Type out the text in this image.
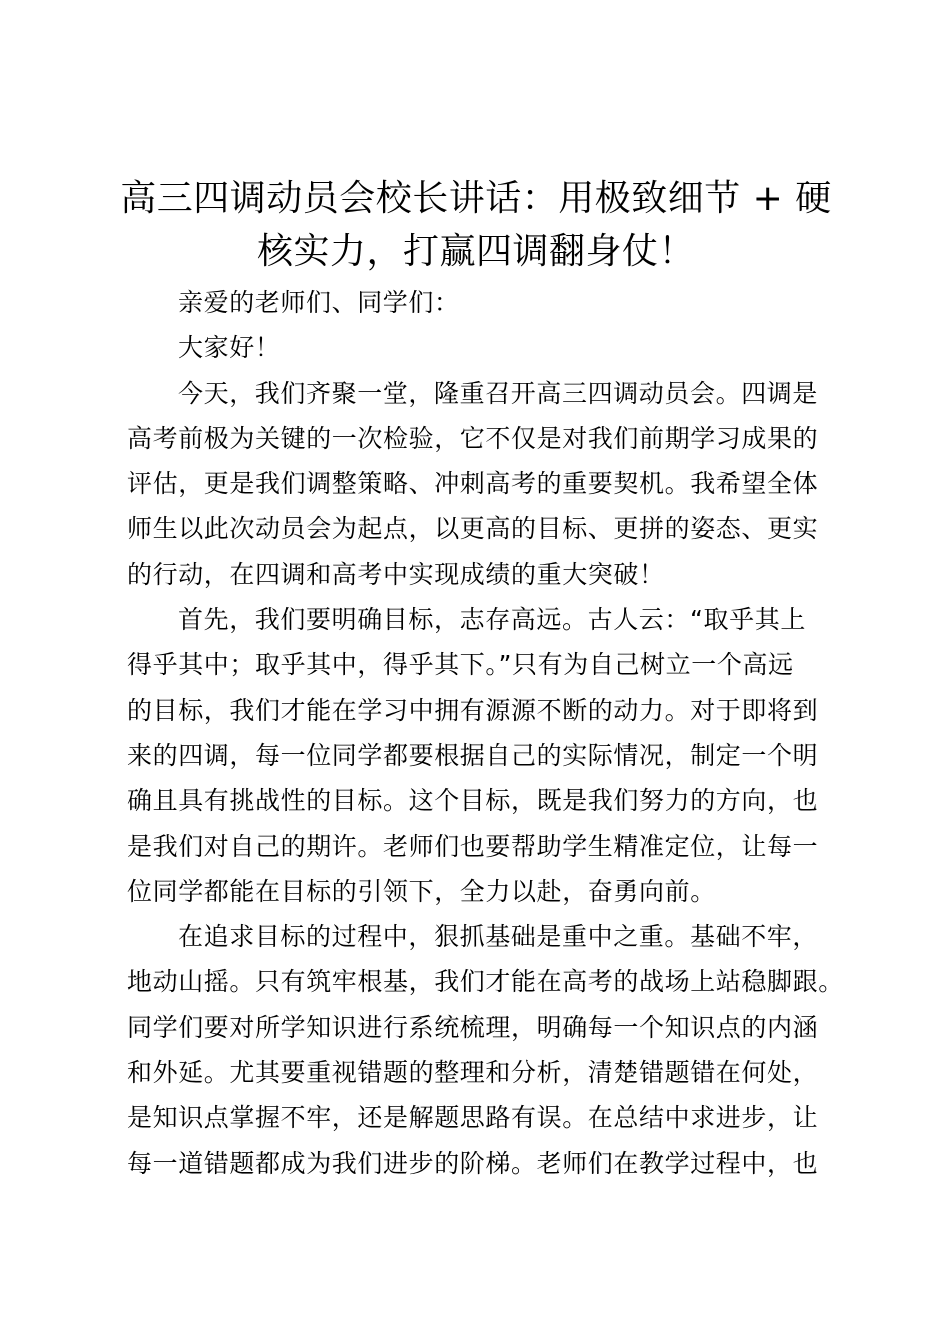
高三四调动员会校长讲话：用极致细节 + 硬
核实力，打赢四调翻身仗！

亲爱的老师们、同学们：

大家好！

今天，我们齐聚一堂，隆重召开高三四调动员会。四调是
高考前极为关键的一次检验，它不仅是对我们前期学习成果的
评估，更是我们调整策略、冲刺高考的重要契机。我希望全体
师生以此次动员会为起点，以更高的目标、更拼的姿态、更实
的行动，在四调和高考中实现成绩的重大突破！

首先，我们要明确目标，志存高远。古人云：“取乎其上
得乎其中；取乎其中，得乎其下。”只有为自己树立一个高远
的目标，我们才能在学习中拥有源源不断的动力。对于即将到
来的四调，每一位同学都要根据自己的实际情况，制定一个明
确且具有挑战性的目标。这个目标，既是我们努力的方向，也
是我们对自己的期许。老师们也要帮助学生精准定位，让每一
位同学都能在目标的引领下，全力以赴，奋勇向前。

在追求目标的过程中，狠抓基础是重中之重。基础不牢，
地动山摇。只有筑牢根基，我们才能在高考的战场上站稳脚跟。
同学们要对所学知识进行系统梳理，明确每一个知识点的内涵
和外延。尤其要重视错题的整理和分析，清楚错题错在何处，
是知识点掌握不牢，还是解题思路有误。在总结中求进步，让
每一道错题都成为我们进步的阶梯。老师们在教学过程中，也
